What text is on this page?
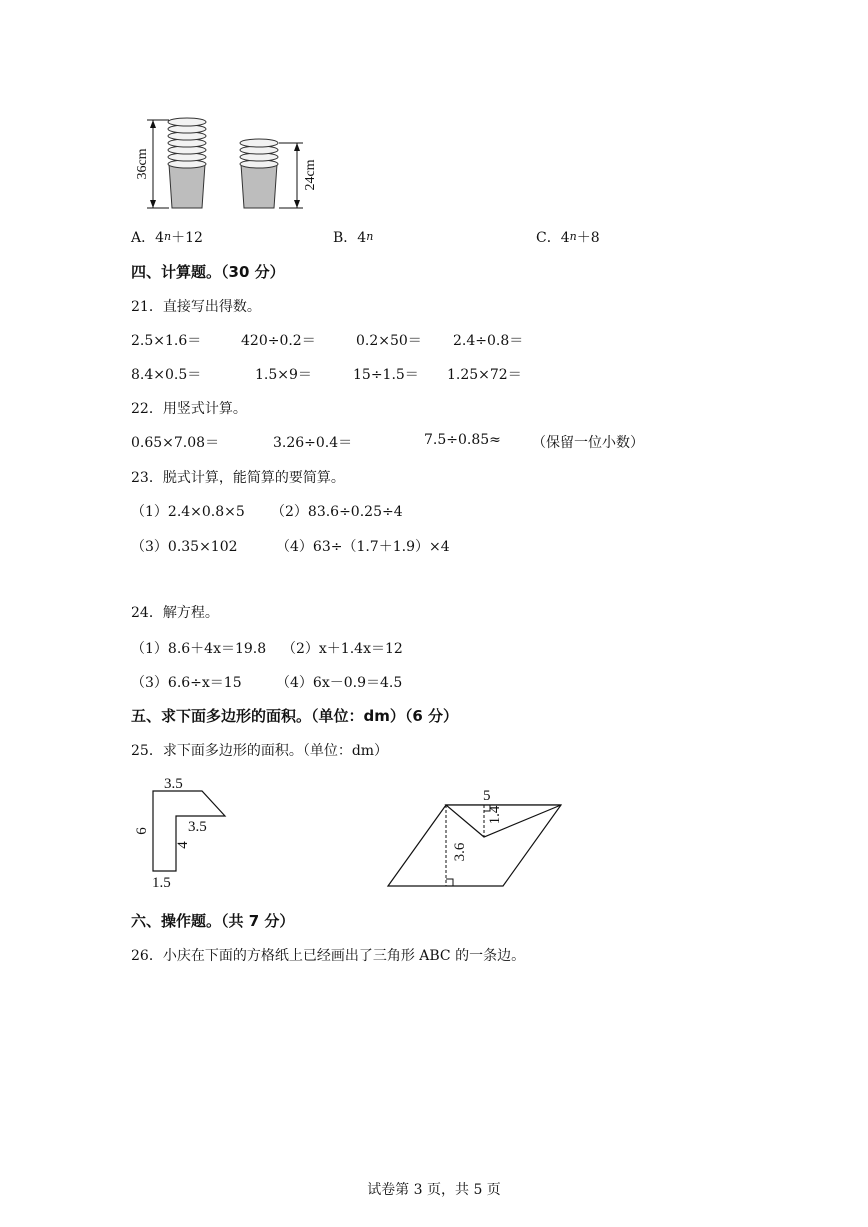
36cm	24cm
A．4n＋12	B．4n	C．4n＋8
四、计算题。（30 分）
21．直接写出得数。
2.5×1.6＝	420÷0.2＝	0.2×50＝ 2.4÷0.8＝
8.4×0.5＝	1.5×9＝	15÷1.5＝ 1.25×72＝
22．用竖式计算。
0.65×7.08＝	3.26÷0.4＝	7.5÷0.85≈ （保留一位小数）
23．脱式计算，能简算的要简算。
（1）2.4×0.8×5 （2）83.6÷0.25÷4
（3）0.35×102	（4）63÷（1.7＋1.9）×4
24．解方程。
（1）8.6＋4x＝19.8 （2）x＋1.4x＝12
（3）6.6÷x＝15 （4）6x－0.9＝4.5
五、求下面多边形的面积。（单位：dm）（6 分）
25．求下面多边形的面积。（单位：dm）
3.5
3.5
6
4
1.5
5
1.4
3.6
六、操作题。（共 7 分）
26．小庆在下面的方格纸上已经画出了三角形 ABC 的一条边。
试卷第 3 页，共 5 页
